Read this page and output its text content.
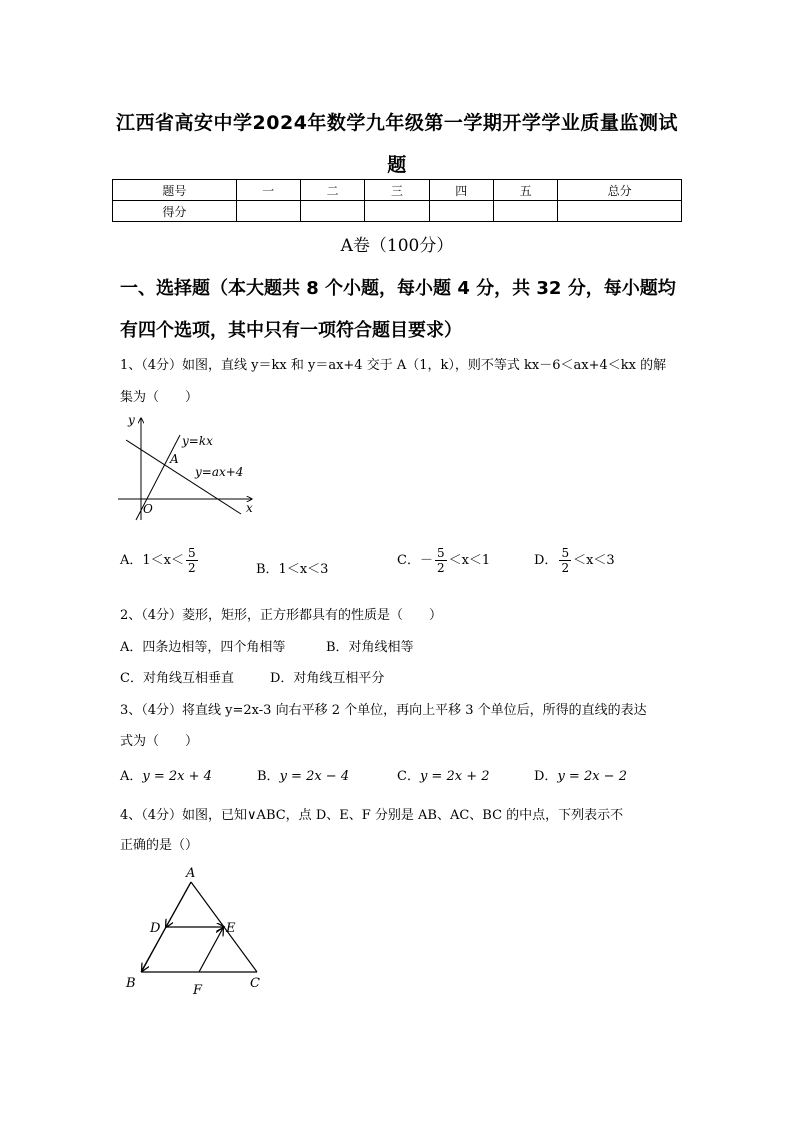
江西省高安中学2024年数学九年级第一学期开学学业质量监测试
题
题号	一	二	三	四	五	总分
得分						
A卷（100分）
一、选择题（本大题共 8 个小题，每小题 4 分，共 32 分，每小题均
有四个选项，其中只有一项符合题目要求）
1、（4分）如图，直线 y＝kx 和 y＝ax+4 交于 A（1，k），则不等式 kx－6＜ax+4＜kx 的解
集为（　　）
y
x
O
A
y=kx
y=ax+4
A．$1<x< \frac{5}{2}$	B．1＜x＜3
C．－ $\frac{5}{2} <x<1$	D． $\frac{5}{2} <x<3$
2、（4分）菱形，矩形，正方形都具有的性质是（　　）
A．四条边相等，四个角相等	B．对角线相等
C．对角线互相垂直	D．对角线互相平分
3、（4分）将直线 y=2x-3 向右平移 2 个单位，再向上平移 3 个单位后，所得的直线的表达
式为（　　）
A．y = 2x + 4	B．y = 2x − 4	C．y = 2x + 2	D．y = 2x − 2
4、（4分）如图，已知∨ABC，点 D、E、F 分别是 AB、AC、BC 的中点，下列表示不
正确的是（）
A
B	C
D	E
F
